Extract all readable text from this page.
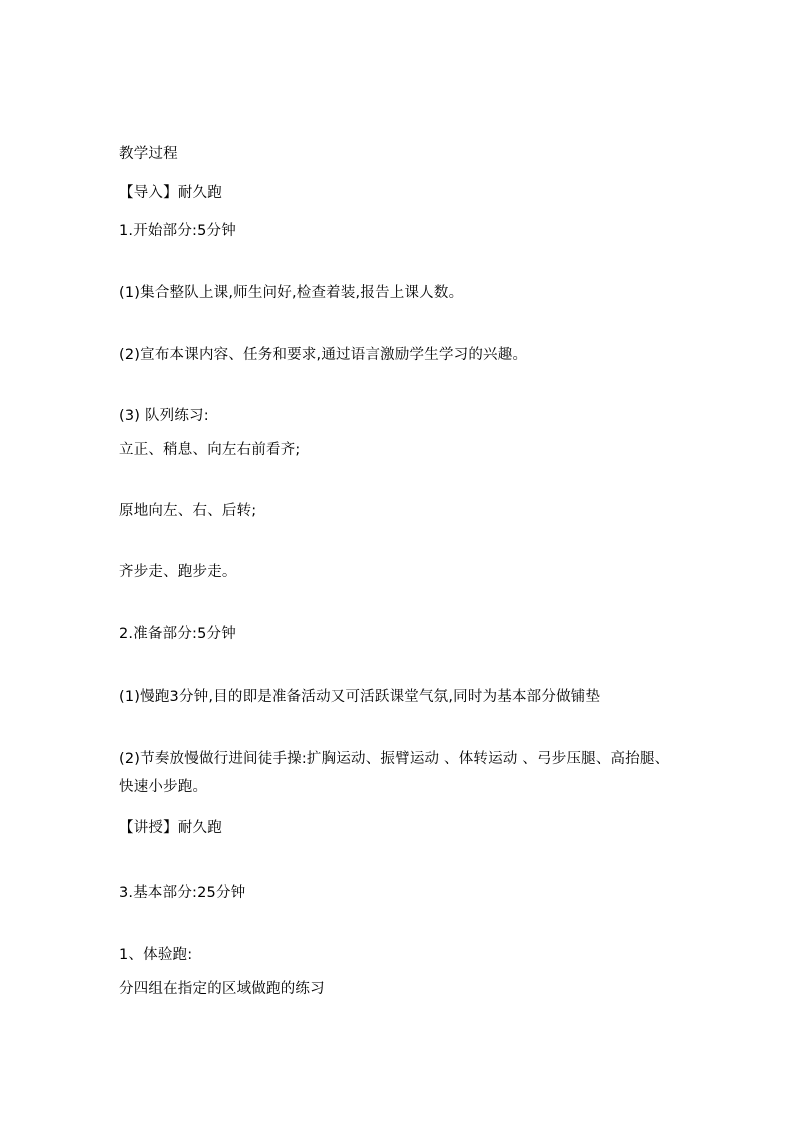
教学过程
【导入】耐久跑
1.开始部分:5分钟
(1)集合整队上课,师生问好,检查着装,报告上课人数。
(2)宣布本课内容、任务和要求,通过语言激励学生学习的兴趣。
(3) 队列练习:
立正、稍息、向左右前看齐;
原地向左、右、后转;
齐步走、跑步走。
2.准备部分:5分钟
(1)慢跑3分钟,目的即是准备活动又可活跃课堂气氛,同时为基本部分做铺垫
(2)节奏放慢做行进间徒手操:扩胸运动、振臂运动 、体转运动 、弓步压腿、高抬腿、快速小步跑。
【讲授】耐久跑
3.基本部分:25分钟
1、体验跑:
分四组在指定的区域做跑的练习
